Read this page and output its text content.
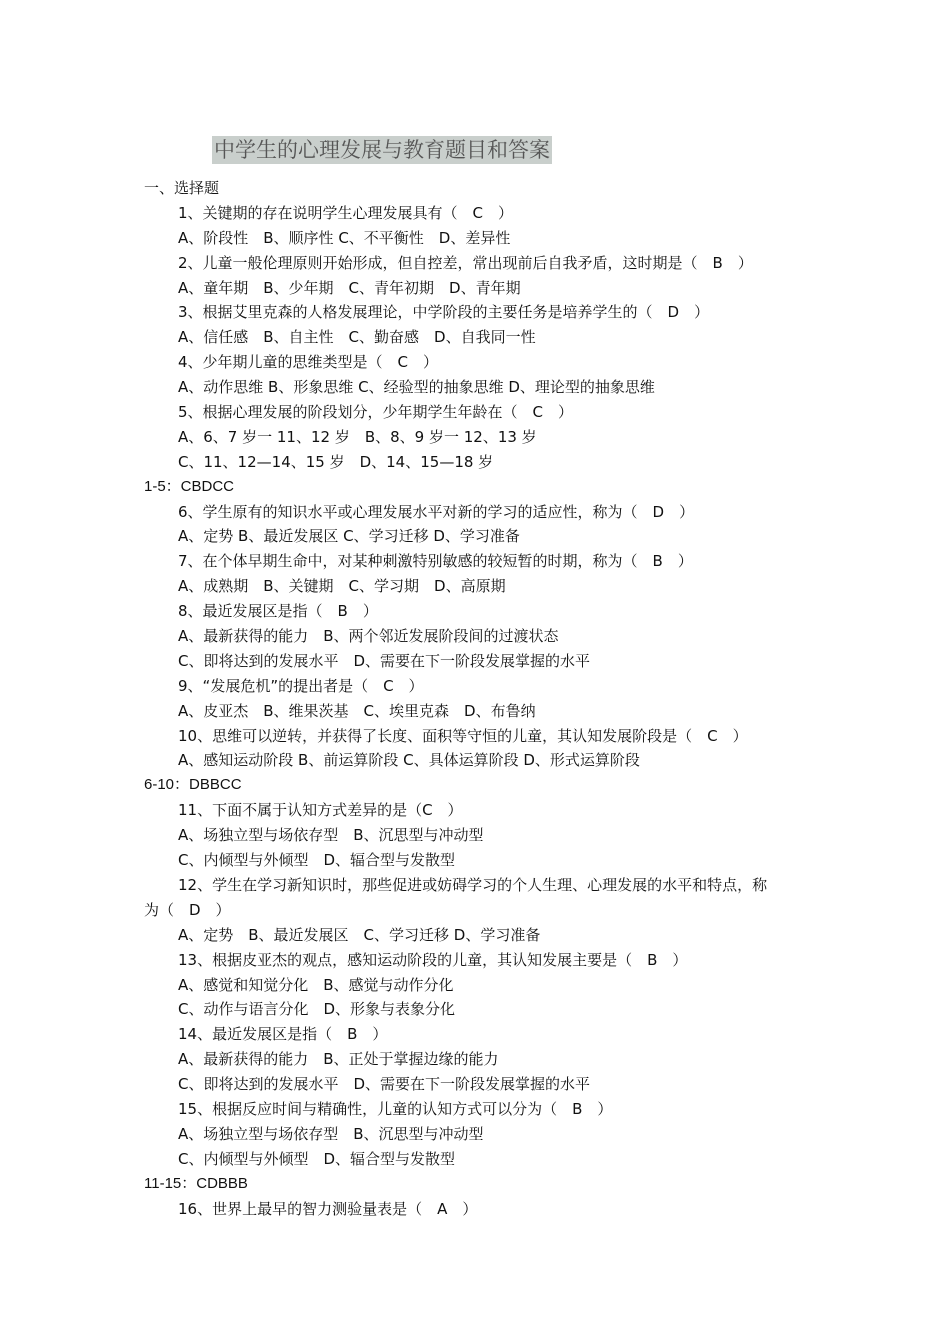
中学生的心理发展与教育题目和答案
一、选择题
1、关键期的存在说明学生心理发展具有（　C　）
A、阶段性　B、顺序性 C、不平衡性　D、差异性
2、儿童一般伦理原则开始形成，但自控差，常出现前后自我矛盾，这时期是（　B　）
A、童年期　B、少年期　C、青年初期　D、青年期
3、根据艾里克森的人格发展理论，中学阶段的主要任务是培养学生的（　D　）
A、信任感　B、自主性　C、勤奋感　D、自我同一性
4、少年期儿童的思维类型是（　C　）
A、动作思维 B、形象思维 C、经验型的抽象思维 D、理论型的抽象思维
5、根据心理发展的阶段划分，少年期学生年龄在（　C　）
A、6、7 岁一 11、12 岁　B、8、9 岁一 12、13 岁
C、11、12—14、15 岁　D、14、15—18 岁
1-5：CBDCC
6、学生原有的知识水平或心理发展水平对新的学习的适应性，称为（　D　）
A、定势 B、最近发展区 C、学习迁移 D、学习准备
7、在个体早期生命中，对某种刺激特别敏感的较短暂的时期，称为（　B　）
A、成熟期　B、关键期　C、学习期　D、高原期
8、最近发展区是指（　B　）
A、最新获得的能力　B、两个邻近发展阶段间的过渡状态
C、即将达到的发展水平　D、需要在下一阶段发展掌握的水平
9、“发展危机”的提出者是（　C　）
A、皮亚杰　B、维果茨基　C、埃里克森　D、布鲁纳
10、思维可以逆转，并获得了长度、面积等守恒的儿童，其认知发展阶段是（　C　）
A、感知运动阶段 B、前运算阶段 C、具体运算阶段 D、形式运算阶段
6-10：DBBCC
11、下面不属于认知方式差异的是（C　）
A、场独立型与场依存型　B、沉思型与冲动型
C、内倾型与外倾型　D、辐合型与发散型
12、学生在学习新知识时，那些促进或妨碍学习的个人生理、心理发展的水平和特点，称
为（　D　）
A、定势　B、最近发展区　C、学习迁移 D、学习准备
13、根据皮亚杰的观点，感知运动阶段的儿童，其认知发展主要是（　B　）
A、感觉和知觉分化　B、感觉与动作分化
C、动作与语言分化　D、形象与表象分化
14、最近发展区是指（　B　）
A、最新获得的能力　B、正处于掌握边缘的能力
C、即将达到的发展水平　D、需要在下一阶段发展掌握的水平
15、根据反应时间与精确性，儿童的认知方式可以分为（　B　）
A、场独立型与场依存型　B、沉思型与冲动型
C、内倾型与外倾型　D、辐合型与发散型
11-15：CDBBB
16、世界上最早的智力测验量表是（　A　）
